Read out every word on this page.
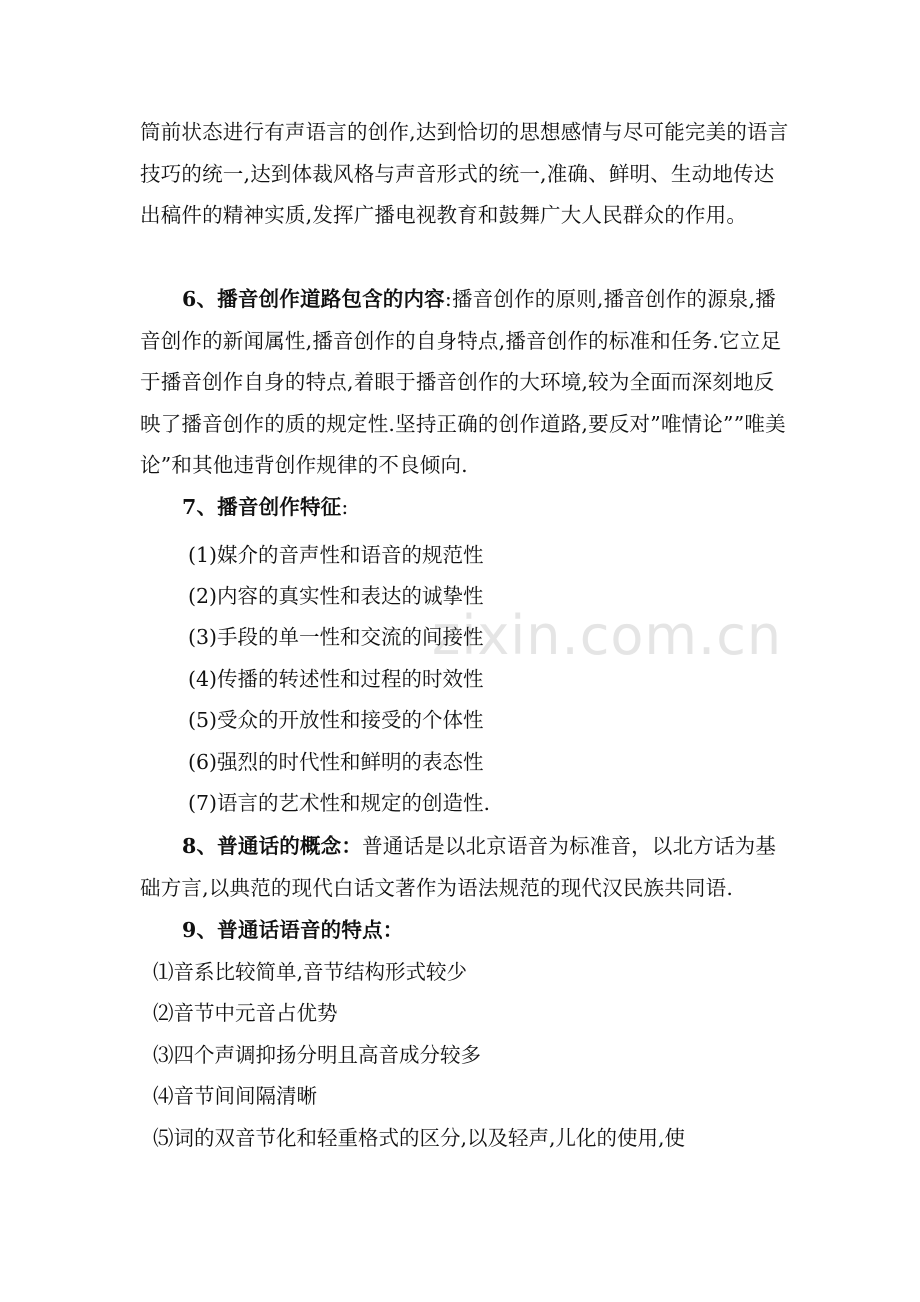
zixin.com.cn

筒前状态进行有声语言的创作,达到恰切的思想感情与尽可能完美的语言技巧的统一,达到体裁风格与声音形式的统一,准确、鲜明、生动地传达出稿件的精神实质,发挥广播电视教育和鼓舞广大人民群众的作用。

6、播音创作道路包含的内容:播音创作的原则,播音创作的源泉,播音创作的新闻属性,播音创作的自身特点,播音创作的标准和任务.它立足于播音创作自身的特点,着眼于播音创作的大环境,较为全面而深刻地反映了播音创作的质的规定性.坚持正确的创作道路,要反对”唯情论””唯美论”和其他违背创作规律的不良倾向.

7、播音创作特征:

(1)媒介的音声性和语音的规范性
(2)内容的真实性和表达的诚挚性
(3)手段的单一性和交流的间接性
(4)传播的转述性和过程的时效性
(5)受众的开放性和接受的个体性
(6)强烈的时代性和鲜明的表态性
(7)语言的艺术性和规定的创造性.

8、普通话的概念：普通话是以北京语音为标准音，以北方话为基础方言,以典范的现代白话文著作为语法规范的现代汉民族共同语.

9、普通话语音的特点：

⑴音系比较简单,音节结构形式较少
⑵音节中元音占优势
⑶四个声调抑扬分明且高音成分较多
⑷音节间间隔清晰
⑸词的双音节化和轻重格式的区分,以及轻声,儿化的使用,使
